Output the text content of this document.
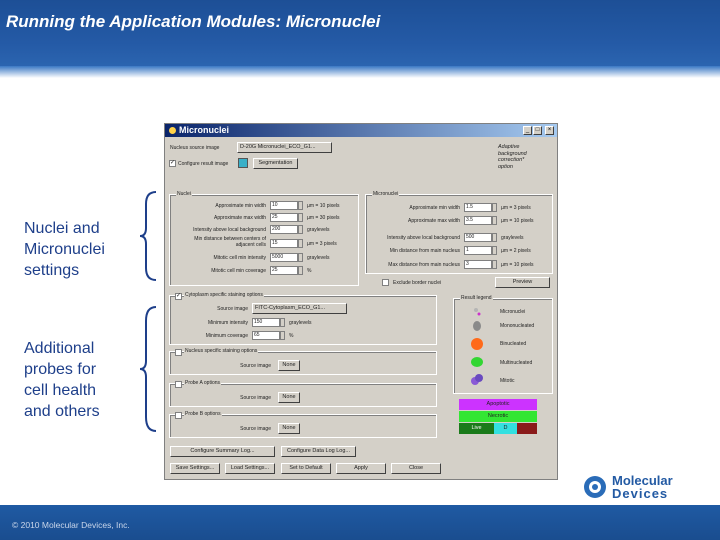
Running the Application Modules: Micronuclei
Nuclei and
Micronuclei
settings
Additional
probes for
cell health
and others
Micronuclei	_	□	×
Nucleus source image	D-20G Micronuclei_ECO_G1...
✓ Configure result image	Segmentation
Adaptive
background
correction*
option
Nuclei
Approximate min width	10	µm = 10 pixels
Approximate max width	25	µm = 30 pixels
Intensity above local background	200	graylevels
Min distance between centers of adjacent cells	15	µm = 3 pixels
Mitotic cell min intensity	5000	graylevels
Mitotic cell min coverage	25	%
Micronuclei
Approximate min width	1.5	µm = 3 pixels
Approximate max width	3.5	µm = 10 pixels
Intensity above local background	500	graylevels
Min distance from main nucleus	1	µm = 2 pixels
Max distance from main nucleus	3	µm = 10 pixels
Exclude border nuclei	Preview
✓ Cytoplasm specific staining options
Source image	FITC-Cytoplasm_ECO_G1...
Minimum intensity	150	graylevels
Minimum coverage	65	%
Nucleus specific staining options
Source image	None
Probe A options
Source image	None
Probe B options
Source image	None
Result legend
Micronuclei
Mononucleated
Binucleated
Multinucleated
Mitotic
Apoptotic
Necrotic
Live	D
Configure Summary Log...	Configure Data Log Log...
Save Settings...	Load Settings...	Set to Default	Apply	Close
Molecular
Devices
© 2010 Molecular Devices, Inc.
